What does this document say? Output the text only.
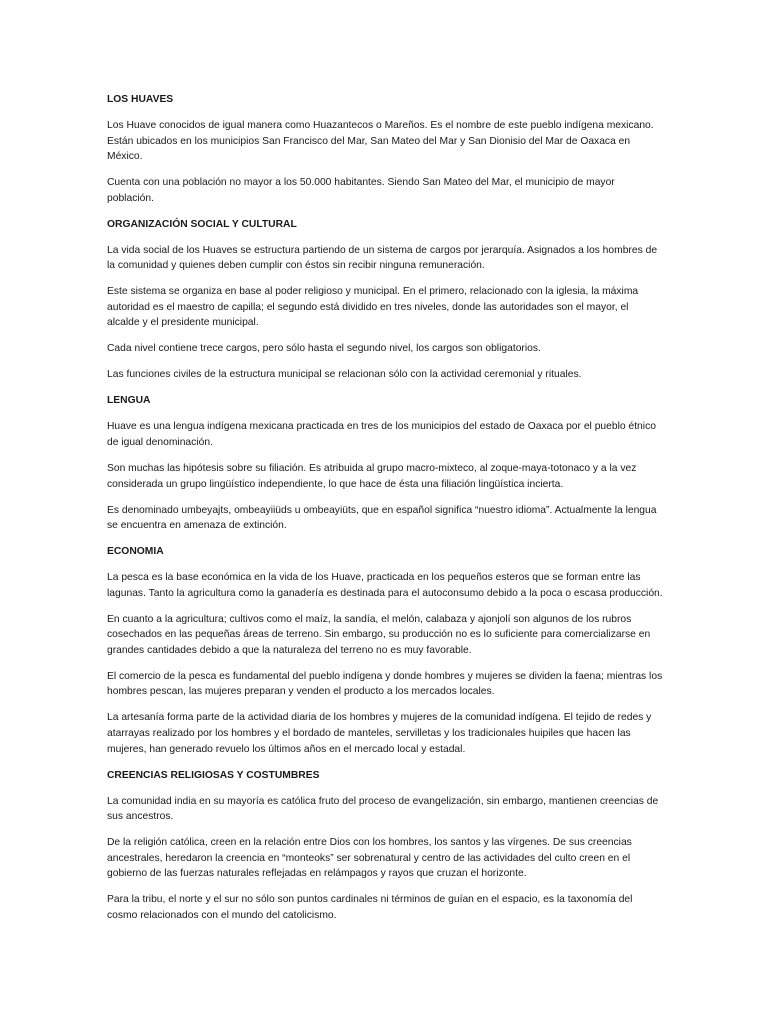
LOS HUAVES

Los Huave conocidos de igual manera como Huazantecos o Mareños. Es el nombre de este pueblo indígena mexicano. Están ubicados en los municipios San Francisco del Mar, San Mateo del Mar y San Dionisio del Mar de Oaxaca en México.

Cuenta con una población no mayor a los 50.000 habitantes. Siendo San Mateo del Mar, el municipio de mayor población.

ORGANIZACIÓN SOCIAL Y CULTURAL

La vida social de los Huaves se estructura partiendo de un sistema de cargos por jerarquía. Asignados a los hombres de la comunidad y quienes deben cumplir con éstos sin recibir ninguna remuneración.

Este sistema se organiza en base al poder religioso y municipal. En el primero, relacionado con la iglesia, la máxima autoridad es el maestro de capilla; el segundo está dividido en tres niveles, donde las autoridades son el mayor, el alcalde y el presidente municipal.

Cada nivel contiene trece cargos, pero sólo hasta el segundo nivel, los cargos son obligatorios.

Las funciones civiles de la estructura municipal se relacionan sólo con la actividad ceremonial y rituales.

LENGUA

Huave es una lengua indígena mexicana practicada en tres de los municipios del estado de Oaxaca por el pueblo étnico de igual denominación.

Son muchas las hipótesis sobre su filiación. Es atribuida al grupo macro-mixteco, al zoque-maya-totonaco y a la vez considerada un grupo lingüístico independiente, lo que hace de ésta una filiación lingüística incierta.

Es denominado umbeyajts, ombeayiiüds u ombeayiüts, que en español significa “nuestro idioma”. Actualmente la lengua se encuentra en amenaza de extinción.

ECONOMIA

La pesca es la base económica en la vida de los Huave, practicada en los pequeños esteros que se forman entre las lagunas. Tanto la agricultura como la ganadería es destinada para el autoconsumo debido a la poca o escasa producción.

En cuanto a la agricultura; cultivos como el maíz, la sandía, el melón, calabaza y ajonjolí son algunos de los rubros cosechados en las pequeñas áreas de terreno. Sin embargo, su producción no es lo suficiente para comercializarse en grandes cantidades debido a que la naturaleza del terreno no es muy favorable.

El comercio de la pesca es fundamental del pueblo indígena y donde hombres y mujeres se dividen la faena; mientras los hombres pescan, las mujeres preparan y venden el producto a los mercados locales.

La artesanía forma parte de la actividad diaria de los hombres y mujeres de la comunidad indígena. El tejido de redes y atarrayas realizado por los hombres y el bordado de manteles, servilletas y los tradicionales huipiles que hacen las mujeres, han generado revuelo los últimos años en el mercado local y estadal.

CREENCIAS RELIGIOSAS Y COSTUMBRES

La comunidad india en su mayoría es católica fruto del proceso de evangelización, sin embargo, mantienen creencias de sus ancestros.

De la religión católica, creen en la relación entre Dios con los hombres, los santos y las vírgenes. De sus creencias ancestrales, heredaron la creencia en “monteoks” ser sobrenatural y centro de las actividades del culto creen en el gobierno de las fuerzas naturales reflejadas en relámpagos y rayos que cruzan el horizonte.

Para la tribu, el norte y el sur no sólo son puntos cardinales ni términos de guían en el espacio, es la taxonomía del cosmo relacionados con el mundo del catolicismo.
